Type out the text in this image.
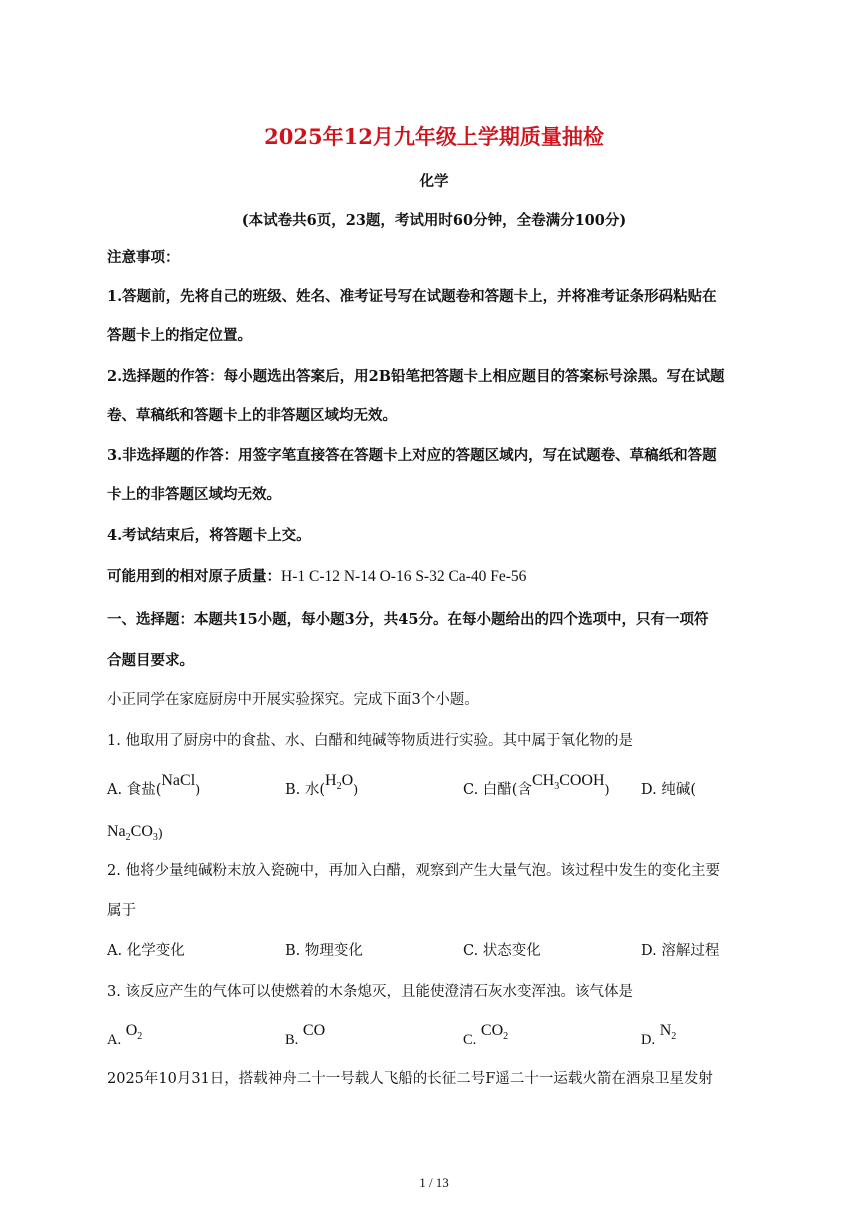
2025年12月九年级上学期质量抽检
化学
(本试卷共6页，23题，考试用时60分钟，全卷满分100分)
注意事项：
1.答题前，先将自己的班级、姓名、准考证号写在试题卷和答题卡上，并将准考证条形码粘贴在
答题卡上的指定位置。
2.选择题的作答：每小题选出答案后，用2B铅笔把答题卡上相应题目的答案标号涂黑。写在试题
卷、草稿纸和答题卡上的非答题区域均无效。
3.非选择题的作答：用签字笔直接答在答题卡上对应的答题区域内，写在试题卷、草稿纸和答题
卡上的非答题区域均无效。
4.考试结束后，将答题卡上交。
可能用到的相对原子质量：H-1 C-12 N-14 O-16 S-32 Ca-40 Fe-56
一、选择题：本题共15小题，每小题3分，共45分。在每小题给出的四个选项中，只有一项符
合题目要求。
小正同学在家庭厨房中开展实验探究。完成下面3个小题。
1. 他取用了厨房中的食盐、水、白醋和纯碱等物质进行实验。其中属于氧化物的是
A. 食盐(NaCl)	B. 水$(H_2O)$	C. 白醋(含$CH_3COOH$) D. 纯碱(
$Na_2CO_3$)
2. 他将少量纯碱粉末放入瓷碗中，再加入白醋，观察到产生大量气泡。该过程中发生的变化主要
属于
A. 化学变化	B. 物理变化	C. 状态变化	D. 溶解过程
3. 该反应产生的气体可以使燃着的木条熄灭，且能使澄清石灰水变浑浊。该气体是
A. $O_2$	B. CO
C. $CO_2$	D. $N_2$
2025年10月31日，搭载神舟二十一号载人飞船的长征二号F遥二十一运载火箭在酒泉卫星发射
1 / 13
